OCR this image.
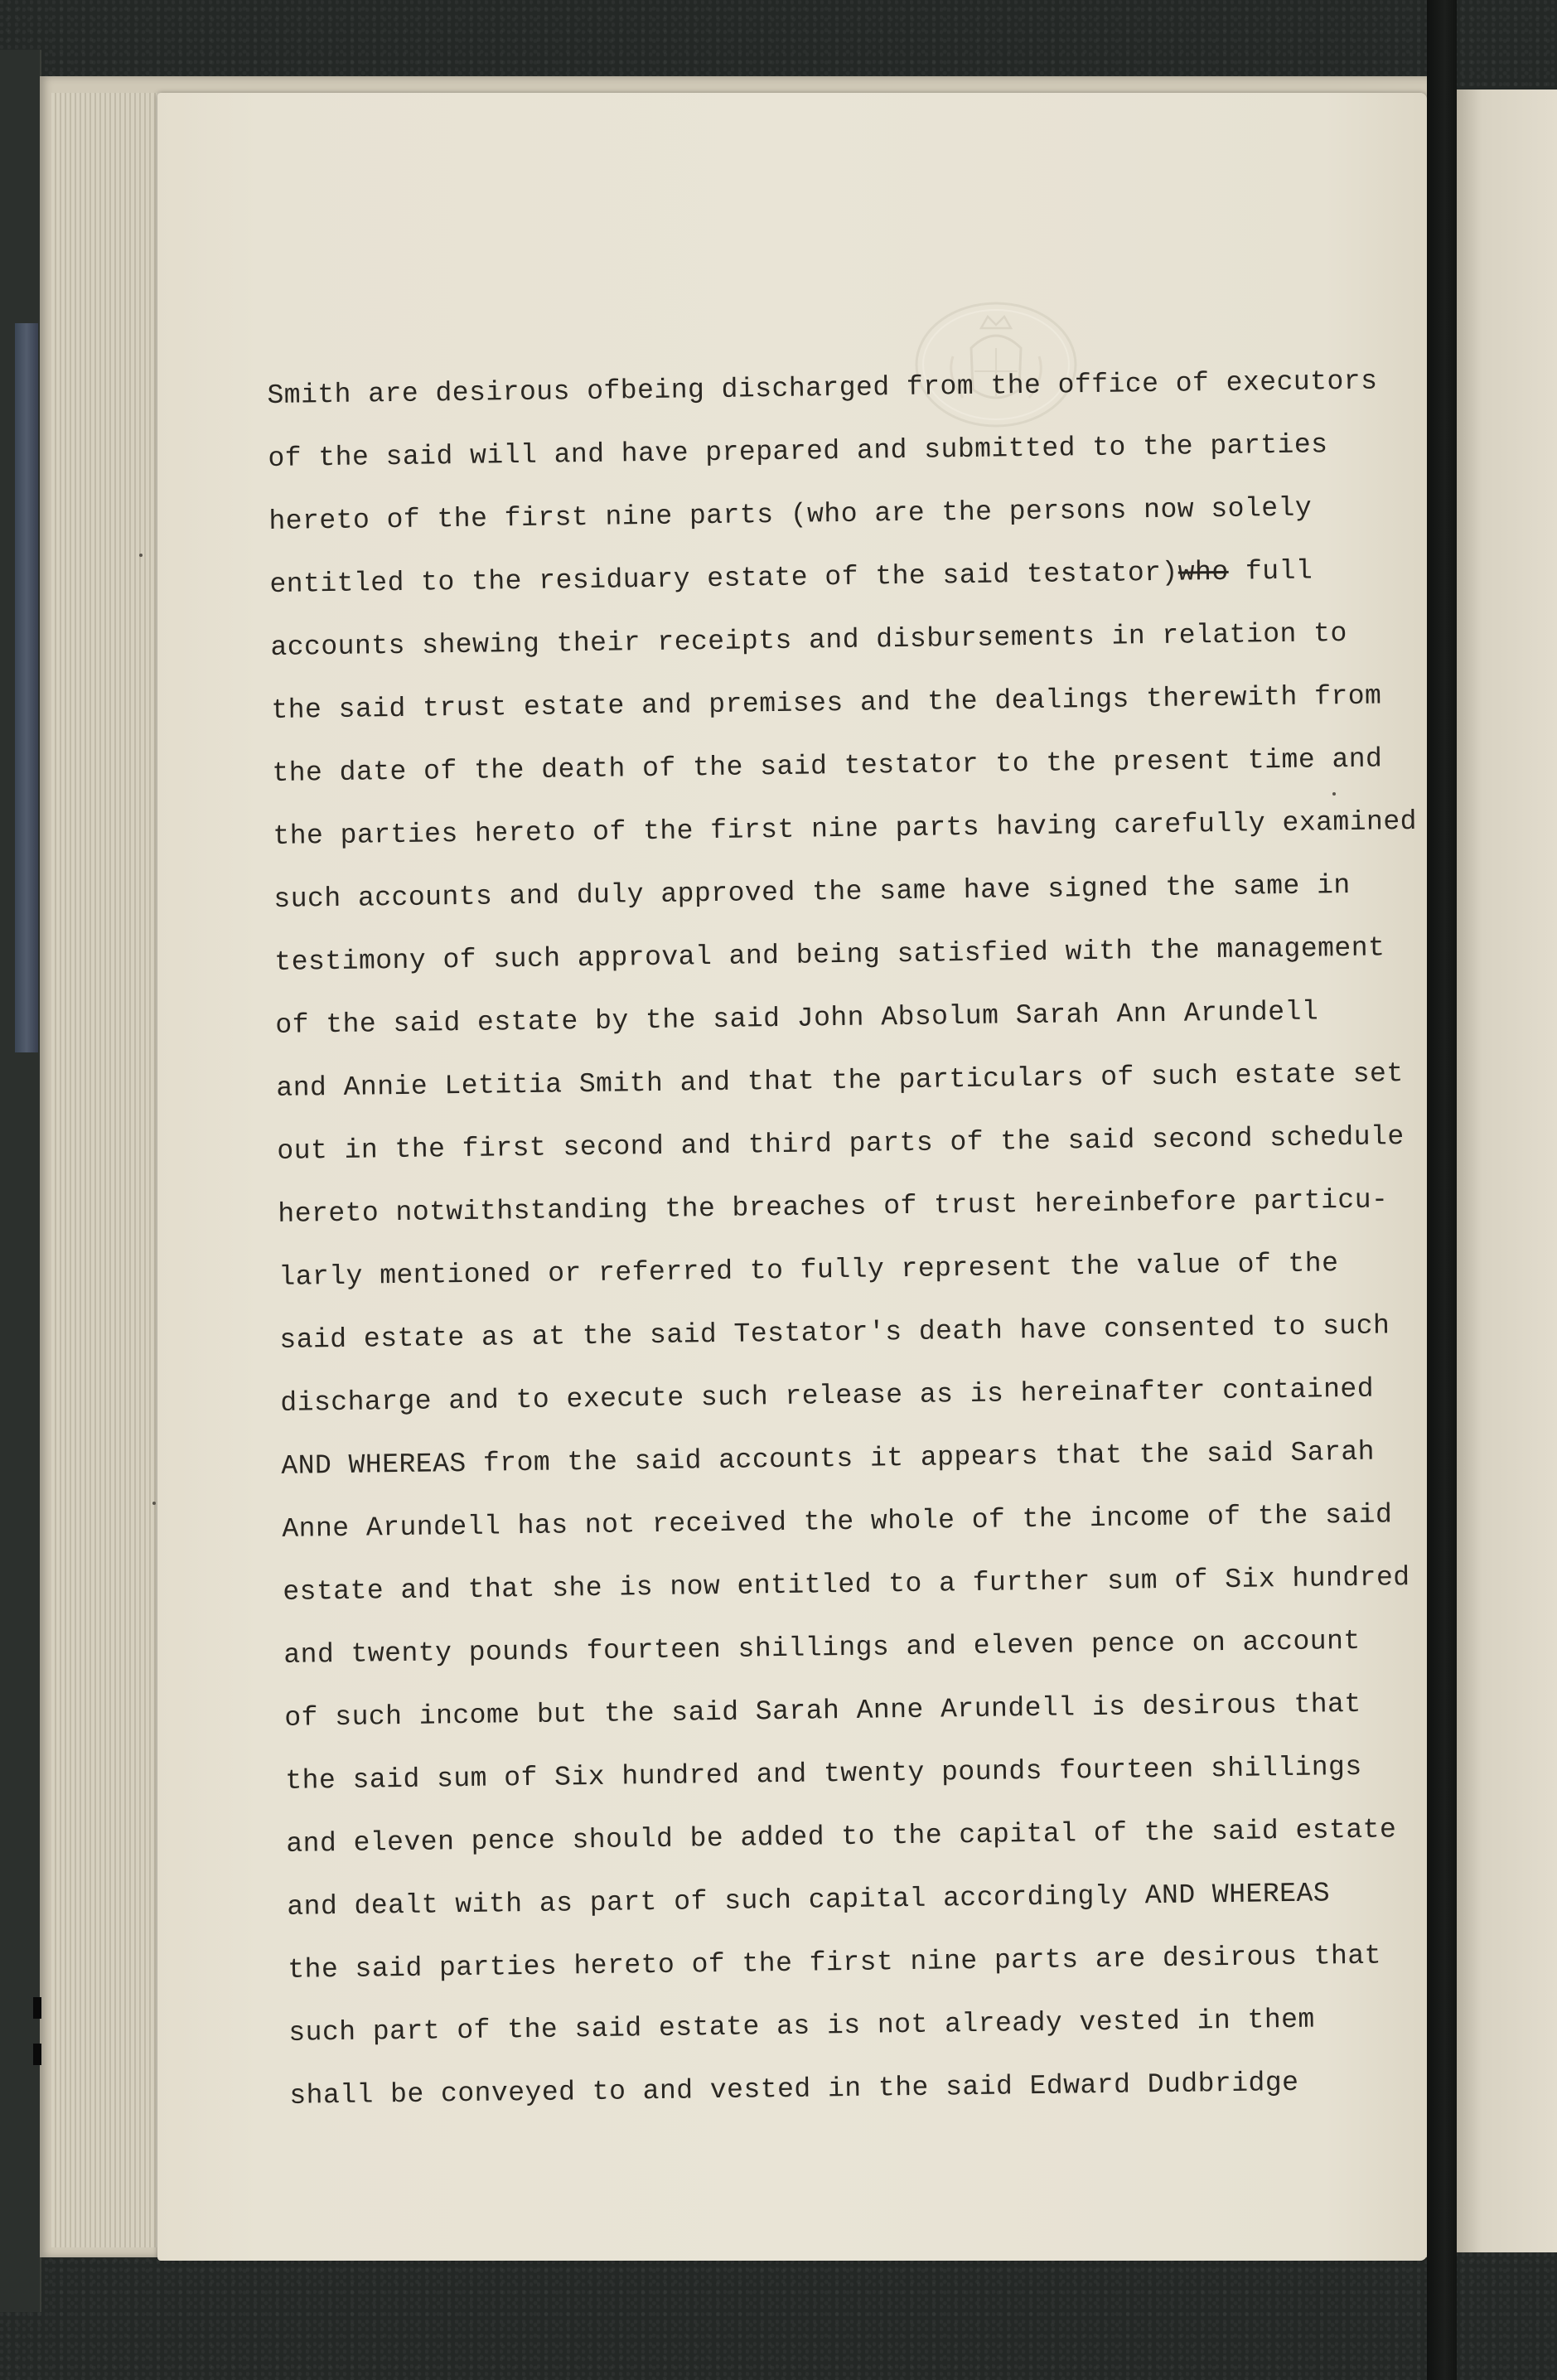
Smith are desirous ofbeing discharged from the office of executors
of the said will and have prepared and submitted to the parties
hereto of the first nine parts (who are the persons now solely
entitled to the residuary estate of the said testator)who full
accounts shewing their receipts and disbursements in relation to
the said trust estate and premises and the dealings therewith from
the date of the death of the said testator to the present time and
the parties hereto of the first nine parts having carefully examined
such accounts and duly approved the same have signed the same in
testimony of such approval and being satisfied with the management
of the said estate by the said John Absolum Sarah Ann Arundell
and Annie Letitia Smith and that the particulars of such estate set
out in the first second and third parts of the said second schedule
hereto notwithstanding the breaches of trust hereinbefore particu-
larly mentioned or referred to fully represent the value of the
said estate as at the said Testator's death have consented to such
discharge and to execute such release as is hereinafter contained
AND WHEREAS from the said accounts it appears that the said Sarah
Anne Arundell has not received the whole of the income of the said
estate and that she is now entitled to a further sum of Six hundred
and twenty pounds fourteen shillings and eleven pence on account
of such income but the said Sarah Anne Arundell is desirous that
the said sum of Six hundred and twenty pounds fourteen shillings
and eleven pence should be added to the capital of the said estate
and dealt with as part of such capital accordingly AND WHEREAS
the said parties hereto of the first nine parts are desirous that
such part of the said estate as is not already vested in them
shall be conveyed to and vested in the said Edward Dudbridge
